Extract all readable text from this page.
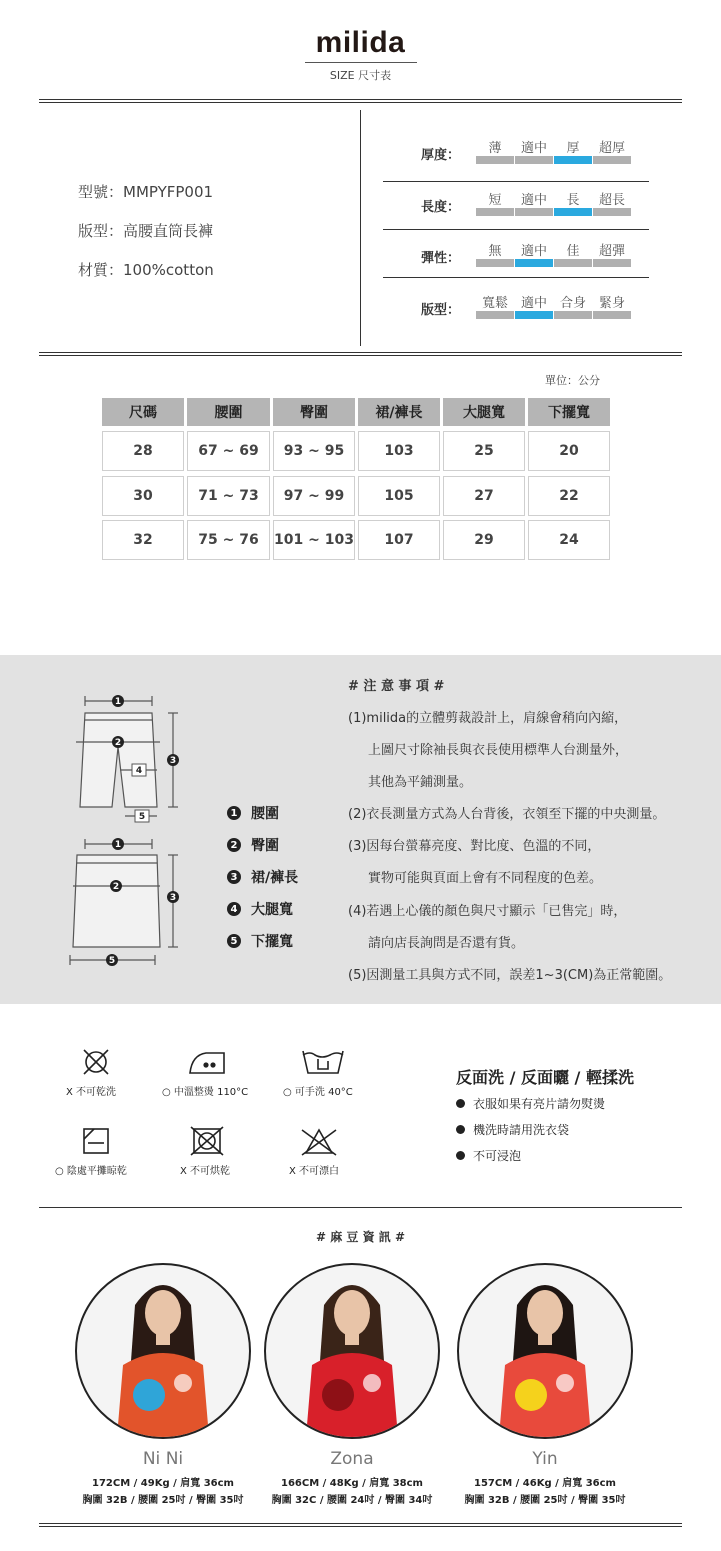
milida
SIZE 尺寸表
型號：MMPYFP001
版型：高腰直筒長褲
材質：100%cotton
厚度：	薄	適中	厚	超厚
長度：	短	適中	長	超長
彈性：	無	適中	佳	超彈
版型：	寬鬆 適中 合身 緊身
單位：公分
尺碼	腰圍	臀圍	裙/褲長	大腿寬	下擺寬
28	67 ~ 69	93 ~ 95	103	25	20
30	71 ~ 73	97 ~ 99	105	27	22
32	75 ~ 76	101 ~ 103	107	29	24
1
2
3
4
5
1
2
3
5
1 腰圍
2 臀圍
3 裙/褲長
4 大腿寬
5 下擺寬
# 注 意 事 項 #
(1)milida的立體剪裁設計上，肩線會稍向內縮，
上圖尺寸除袖長與衣長使用標準人台測量外，
其他為平鋪測量。
(2)衣長測量方式為人台背後，衣領至下擺的中央測量。
(3)因每台螢幕亮度、對比度、色溫的不同，
實物可能與頁面上會有不同程度的色差。
(4)若遇上心儀的顏色與尺寸顯示「已售完」時，
請向店長詢問是否還有貨。
(5)因測量工具與方式不同，誤差1~3(CM)為正常範圍。
X 不可乾洗	○ 中溫整燙 110°C	○ 可手洗 40°C
○ 陰處平攤晾乾	X 不可烘乾	X 不可漂白
反面洗 / 反面曬 / 輕揉洗
衣服如果有亮片請勿熨燙
機洗時請用洗衣袋
不可浸泡
# 麻 豆 資 訊 #
Ni Ni
172CM / 49Kg / 肩寬 36cm
胸圍 32B / 腰圍 25吋 / 臀圍 35吋
Zona
166CM / 48Kg / 肩寬 38cm
胸圍 32C / 腰圍 24吋 / 臀圍 34吋
Yin
157CM / 46Kg / 肩寬 36cm
胸圍 32B / 腰圍 25吋 / 臀圍 35吋
